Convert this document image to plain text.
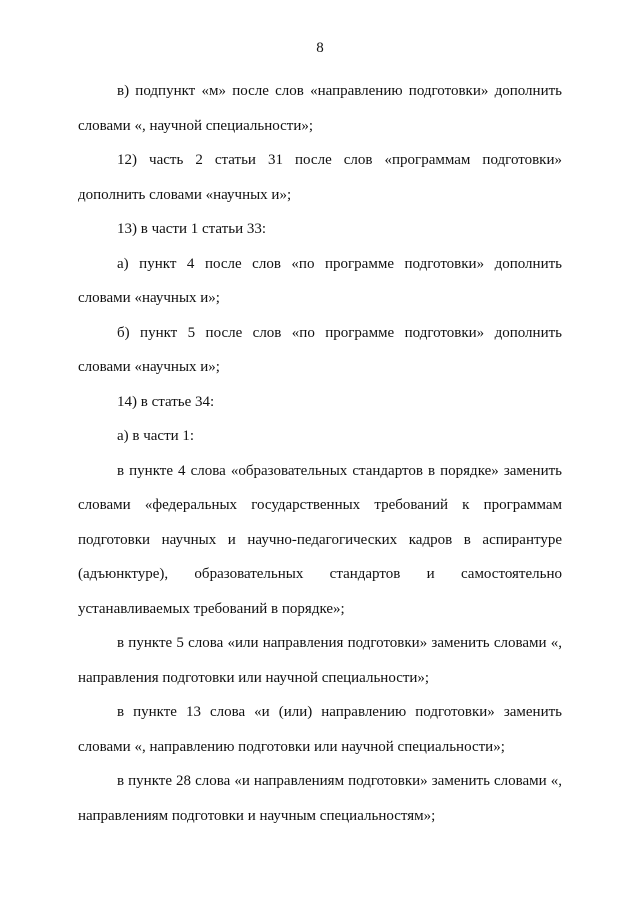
8

в) подпункт «м» после слов «направлению подготовки» дополнить словами «, научной специальности»;

12) часть 2 статьи 31 после слов «программам подготовки» дополнить словами «научных и»;

13) в части 1 статьи 33:

а) пункт 4 после слов «по программе подготовки» дополнить словами «научных и»;

б) пункт 5 после слов «по программе подготовки» дополнить словами «научных и»;

14) в статье 34:

а) в части 1:

в пункте 4 слова «образовательных стандартов в порядке» заменить словами «федеральных государственных требований к программам подготовки научных и научно-педагогических кадров в аспирантуре (адъюнктуре), образовательных стандартов и самостоятельно устанавливаемых требований в порядке»;

в пункте 5 слова «или направления подготовки» заменить словами «, направления подготовки или научной специальности»;

в пункте 13 слова «и (или) направлению подготовки» заменить словами «, направлению подготовки или научной специальности»;

в пункте 28 слова «и направлениям подготовки» заменить словами «, направлениям подготовки и научным специальностям»;
